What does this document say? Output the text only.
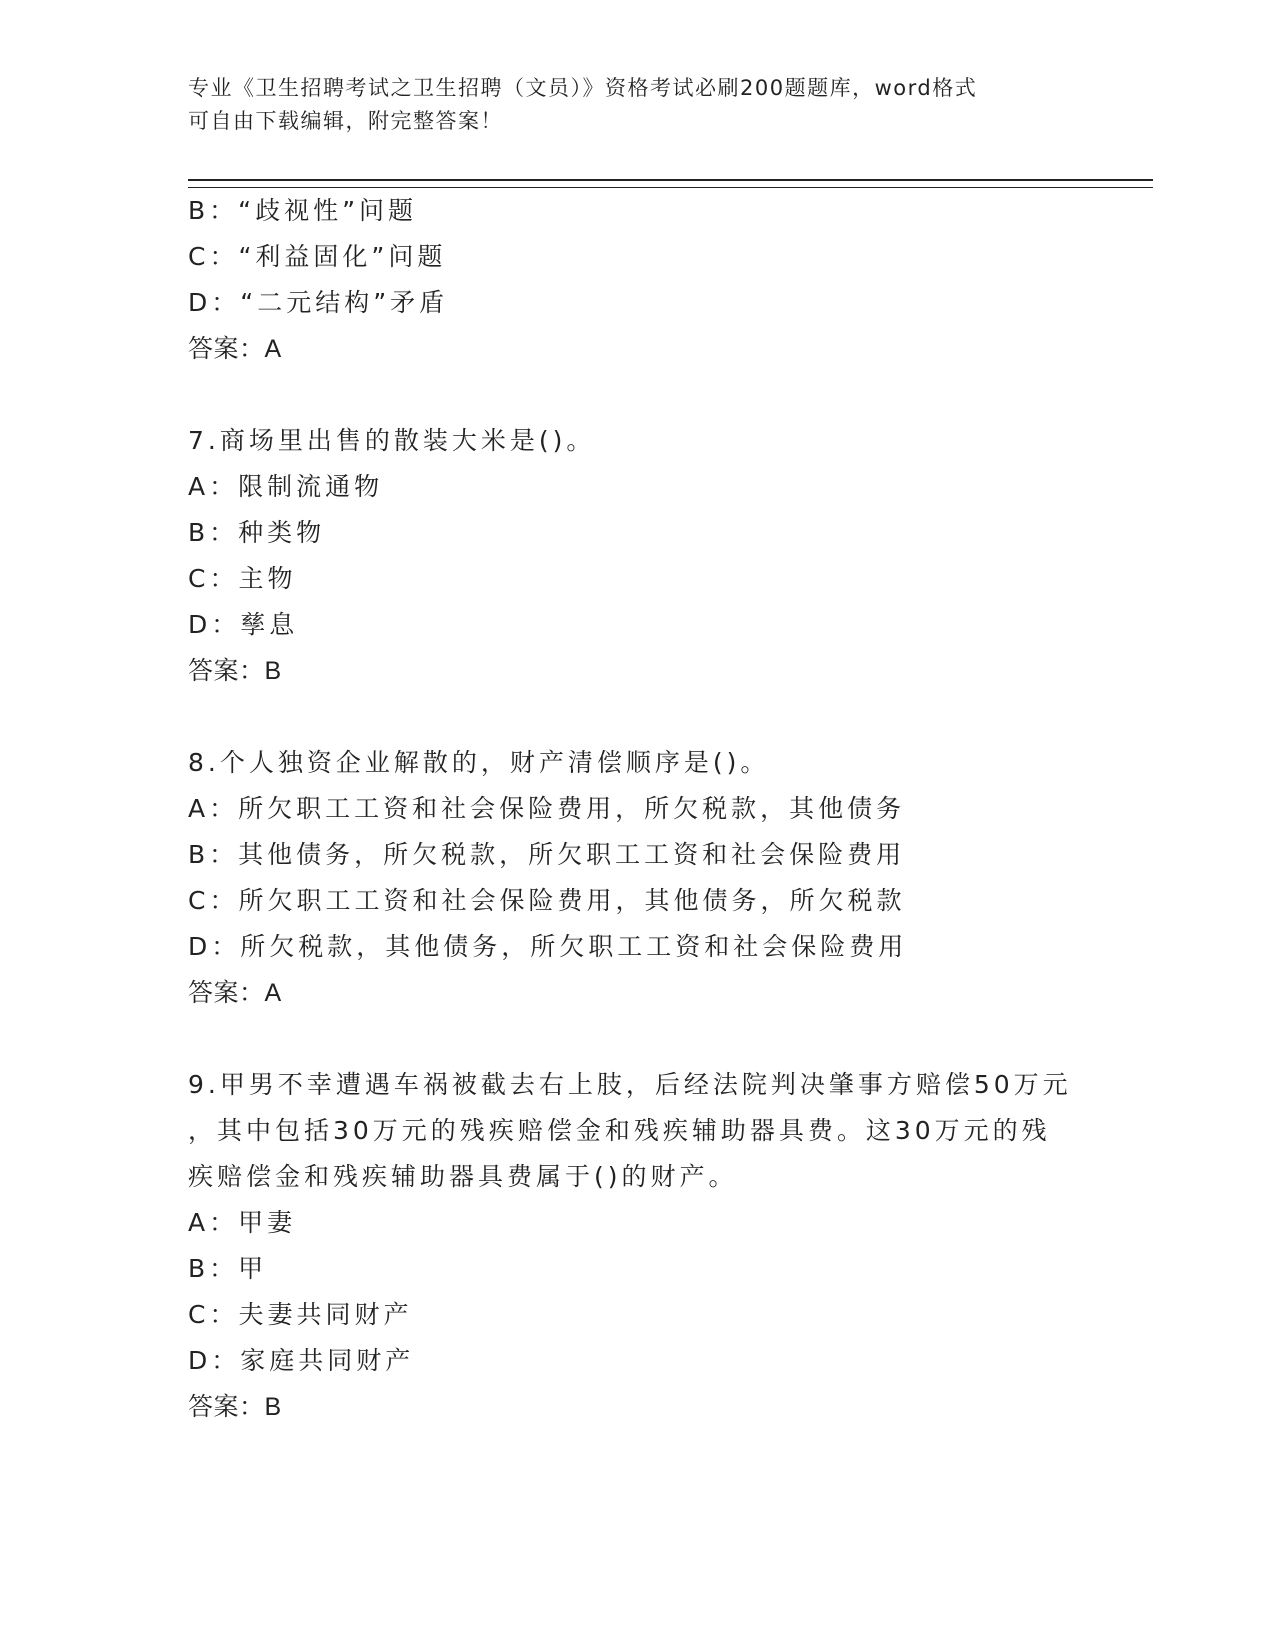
专业《卫生招聘考试之卫生招聘（文员）》资格考试必刷200题题库，word格式
可自由下载编辑，附完整答案！
B：“歧视性”问题
C：“利益固化”问题
D：“二元结构”矛盾
答案：A
7.商场里出售的散装大米是()。
A：限制流通物
B：种类物
C：主物
D：孳息
答案：B
8.个人独资企业解散的，财产清偿顺序是()。
A：所欠职工工资和社会保险费用，所欠税款，其他债务
B：其他债务，所欠税款，所欠职工工资和社会保险费用
C：所欠职工工资和社会保险费用，其他债务，所欠税款
D：所欠税款，其他债务，所欠职工工资和社会保险费用
答案：A
9.甲男不幸遭遇车祸被截去右上肢，后经法院判决肇事方赔偿50万元
，其中包括30万元的残疾赔偿金和残疾辅助器具费。这30万元的残
疾赔偿金和残疾辅助器具费属于()的财产。
A：甲妻
B：甲
C：夫妻共同财产
D：家庭共同财产
答案：B
